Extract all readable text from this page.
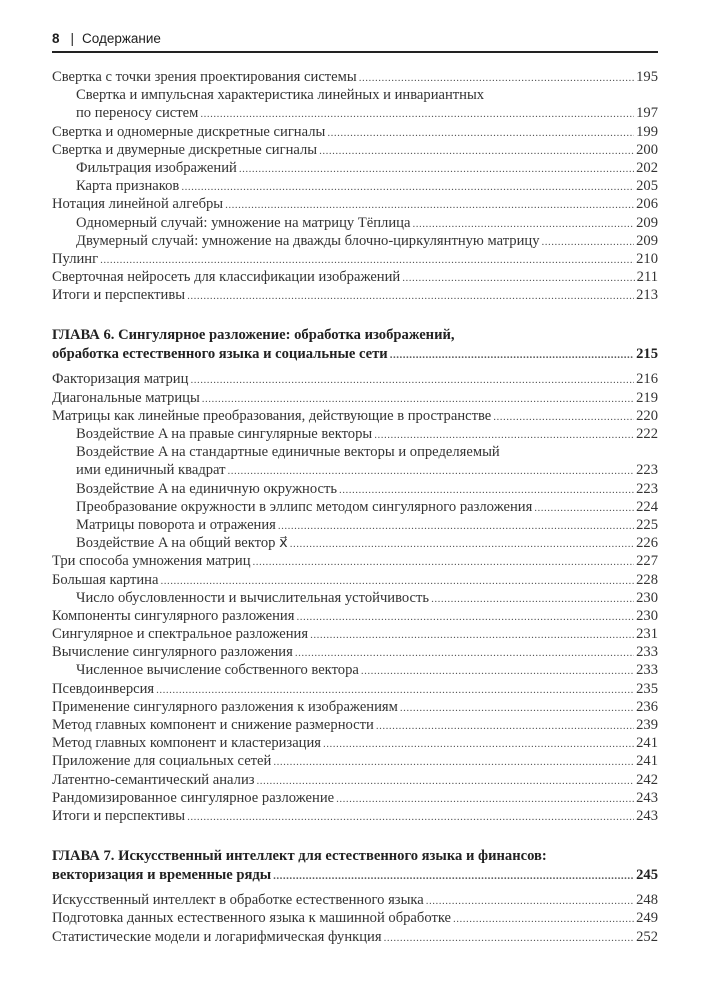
8 | Содержание
Свертка с точки зрения проектирования системы .....	195
Свертка и импульсная характеристика линейных и инвариантных
по переносу систем .....	197
Свертка и одномерные дискретные сигналы .....	199
Свертка и двумерные дискретные сигналы .....	200
Фильтрация изображений .....	202
Карта признаков .....	205
Нотация линейной алгебры .....	206
Одномерный случай: умножение на матрицу Тёплица .....	209
Двумерный случай: умножение на дважды блочно-циркулянтную матрицу .....	209
Пулинг .....	210
Сверточная нейросеть для классификации изображений .....	211
Итоги и перспективы .....	213
ГЛАВА 6. Сингулярное разложение: обработка изображений,
обработка естественного языка и социальные сети .....	215
Факторизация матриц .....	216
Диагональные матрицы .....	219
Матрицы как линейные преобразования, действующие в пространстве .....	220
Воздействие A на правые сингулярные векторы .....	222
Воздействие A на стандартные единичные векторы и определяемый
ими единичный квадрат .....	223
Воздействие A на единичную окружность .....	223
Преобразование окружности в эллипс методом сингулярного разложения .....	224
Матрицы поворота и отражения .....	225
Воздействие A на общий вектор x⃗ .....	226
Три способа умножения матриц .....	227
Большая картина .....	228
Число обусловленности и вычислительная устойчивость .....	230
Компоненты сингулярного разложения .....	230
Сингулярное и спектральное разложения .....	231
Вычисление сингулярного разложения .....	233
Численное вычисление собственного вектора .....	233
Псевдоинверсия .....	235
Применение сингулярного разложения к изображениям .....	236
Метод главных компонент и снижение размерности .....	239
Метод главных компонент и кластеризация .....	241
Приложение для социальных сетей .....	241
Латентно-семантический анализ .....	242
Рандомизированное сингулярное разложение .....	243
Итоги и перспективы .....	243
ГЛАВА 7. Искусственный интеллект для естественного языка и финансов:
векторизация и временные ряды .....	245
Искусственный интеллект в обработке естественного языка .....	248
Подготовка данных естественного языка к машинной обработке .....	249
Статистические модели и логарифмическая функция .....	252
